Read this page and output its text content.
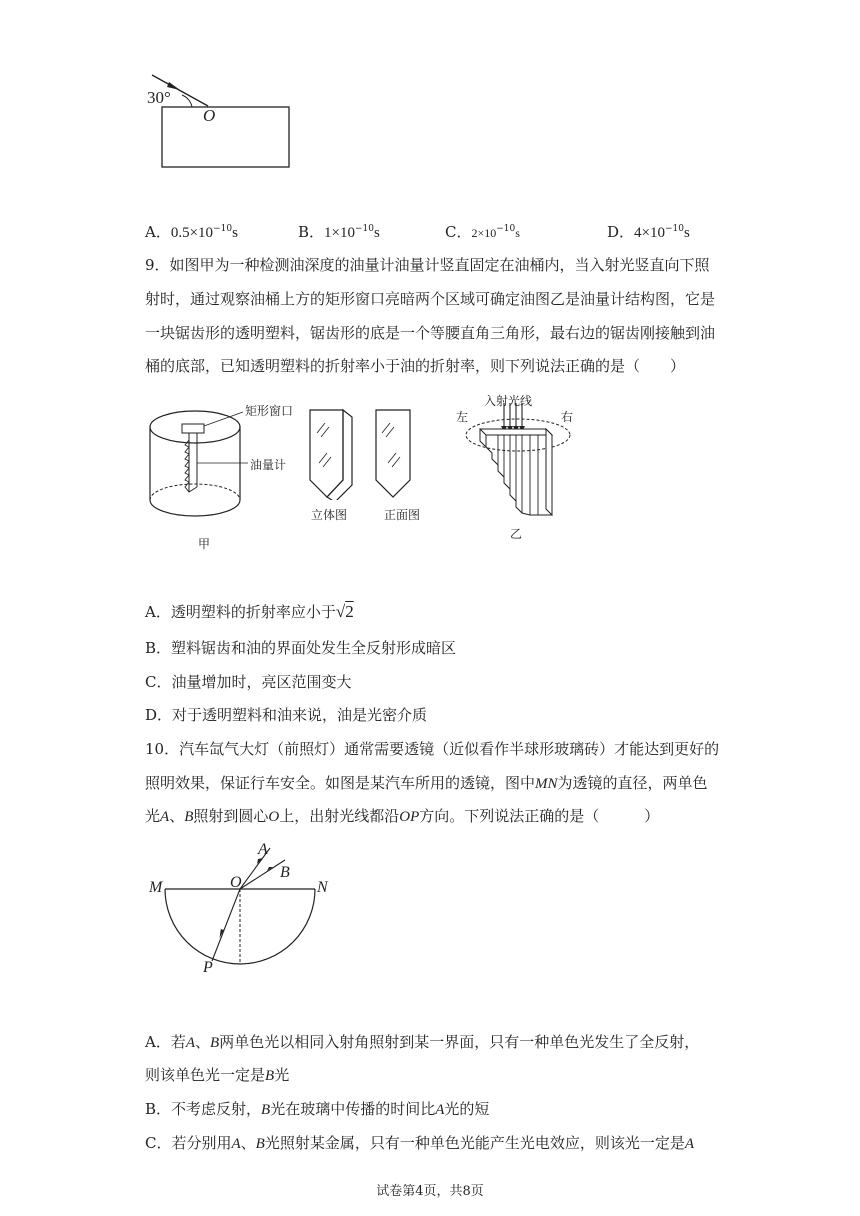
30°
O
A．$0.5\times 10^{-10}s$	B．$1\times 10^{-10}s$	C．$2\times 10^{-10}s$	D．$4\times 10^{-10}s$
9．如图甲为一种检测油深度的油量计油量计竖直固定在油桶内，当入射光竖直向下照
射时，通过观察油桶上方的矩形窗口亮暗两个区域可确定油图乙是油量计结构图，它是
一块锯齿形的透明塑料，锯齿形的底是一个等腰直角三角形，最右边的锯齿刚接触到油
桶的底部，已知透明塑料的折射率小于油的折射率，则下列说法正确的是（　　）
矩形窗口
油量计
甲
立体图	正面图
入射光线
左	右
乙
A．透明塑料的折射率应小于√2
B．塑料锯齿和油的界面处发生全反射形成暗区
C．油量增加时，亮区范围变大
D．对于透明塑料和油来说，油是光密介质
10．汽车氙气大灯（前照灯）通常需要透镜（近似看作半球形玻璃砖）才能达到更好的
照明效果，保证行车安全。如图是某汽车所用的透镜，图中MN为透镜的直径，两单色
光A、B照射到圆心O上，出射光线都沿OP方向。下列说法正确的是（　　　）
M	O
A
B
N
P
A．若A、B两单色光以相同入射角照射到某一界面，只有一种单色光发生了全反射，
则该单色光一定是B光
B．不考虑反射，B光在玻璃中传播的时间比A光的短
C．若分别用A、B光照射某金属，只有一种单色光能产生光电效应，则该光一定是A
试卷第4页，共8页
